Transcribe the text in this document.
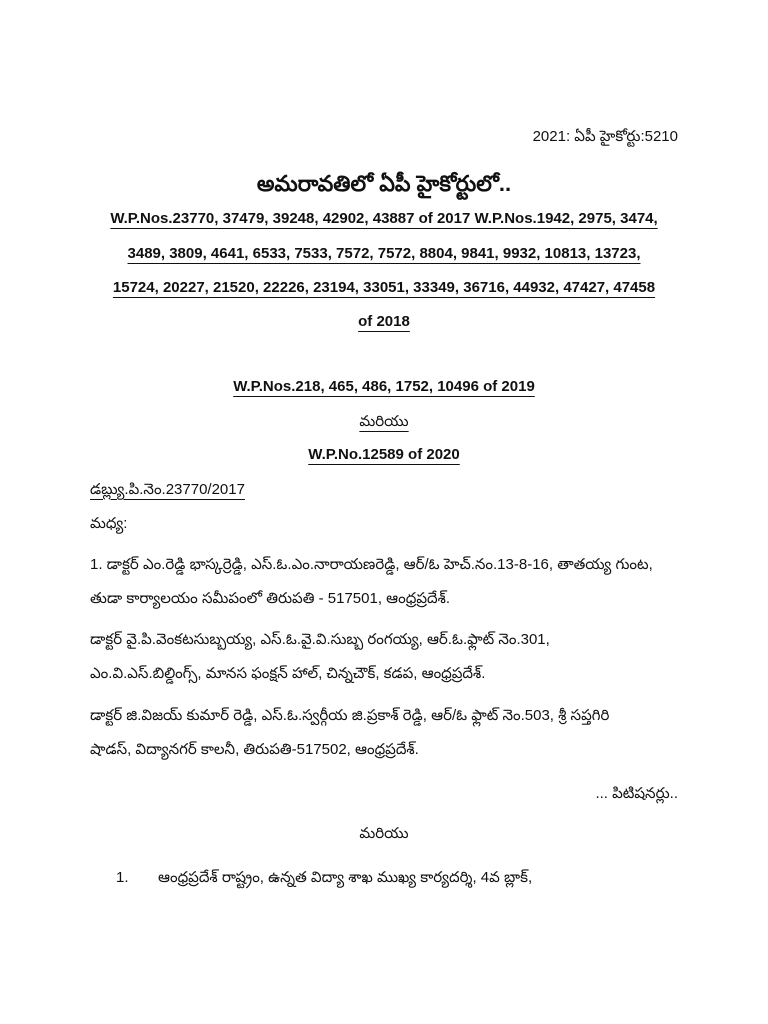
2021: ఏపీ హైకోర్టు:5210
అమరావతిలో ఏపీ హైకోర్టులో..
W.P.Nos.23770, 37479, 39248, 42902, 43887 of 2017 W.P.Nos.1942, 2975, 3474,
3489, 3809, 4641, 6533, 7533, 7572, 7572, 8804, 9841, 9932, 10813, 13723,
15724, 20227, 21520, 22226, 23194, 33051, 33349, 36716, 44932, 47427, 47458
of 2018
W.P.Nos.218, 465, 486, 1752, 10496 of 2019
మరియు
W.P.No.12589 of 2020
డబ్ల్యు.పి.నెం.23770/2017
మధ్య:
1. డాక్టర్ ఎం.రెడ్డి భాస్కర్రెడ్డి, ఎస్.ఓ.ఎం.నారాయణరెడ్డి, ఆర్/ఓ హెచ్.నం.13-8-16, తాతయ్య గుంట,
తుడా కార్యాలయం సమీపంలో తిరుపతి - 517501, ఆంధ్రప్రదేశ్.
డాక్టర్ వై.పి.వెంకటసుబ్బయ్య, ఎస్.ఓ.వై.వి.సుబ్బ రంగయ్య, ఆర్.ఓ.ఫ్లాట్ నెం.301,
ఎం.వి.ఎస్.బిల్డింగ్స్, మానస ఫంక్షన్ హాల్, చిన్నచౌక్, కడప, ఆంధ్రప్రదేశ్.
డాక్టర్ జి.విజయ్ కుమార్ రెడ్డి, ఎస్.ఓ.స్వర్గీయ జి.ప్రకాశ్ రెడ్డి, ఆర్/ఓ ఫ్లాట్ నెం.503, శ్రీ సప్తగిరి
షాడస్, విద్యానగర్ కాలనీ, తిరుపతి-517502, ఆంధ్రప్రదేశ్.
... పిటిషనర్లు..
మరియు
1. ఆంధ్రప్రదేశ్ రాష్ట్రం, ఉన్నత విద్యా శాఖ ముఖ్య కార్యదర్శి, 4వ బ్లాక్,
